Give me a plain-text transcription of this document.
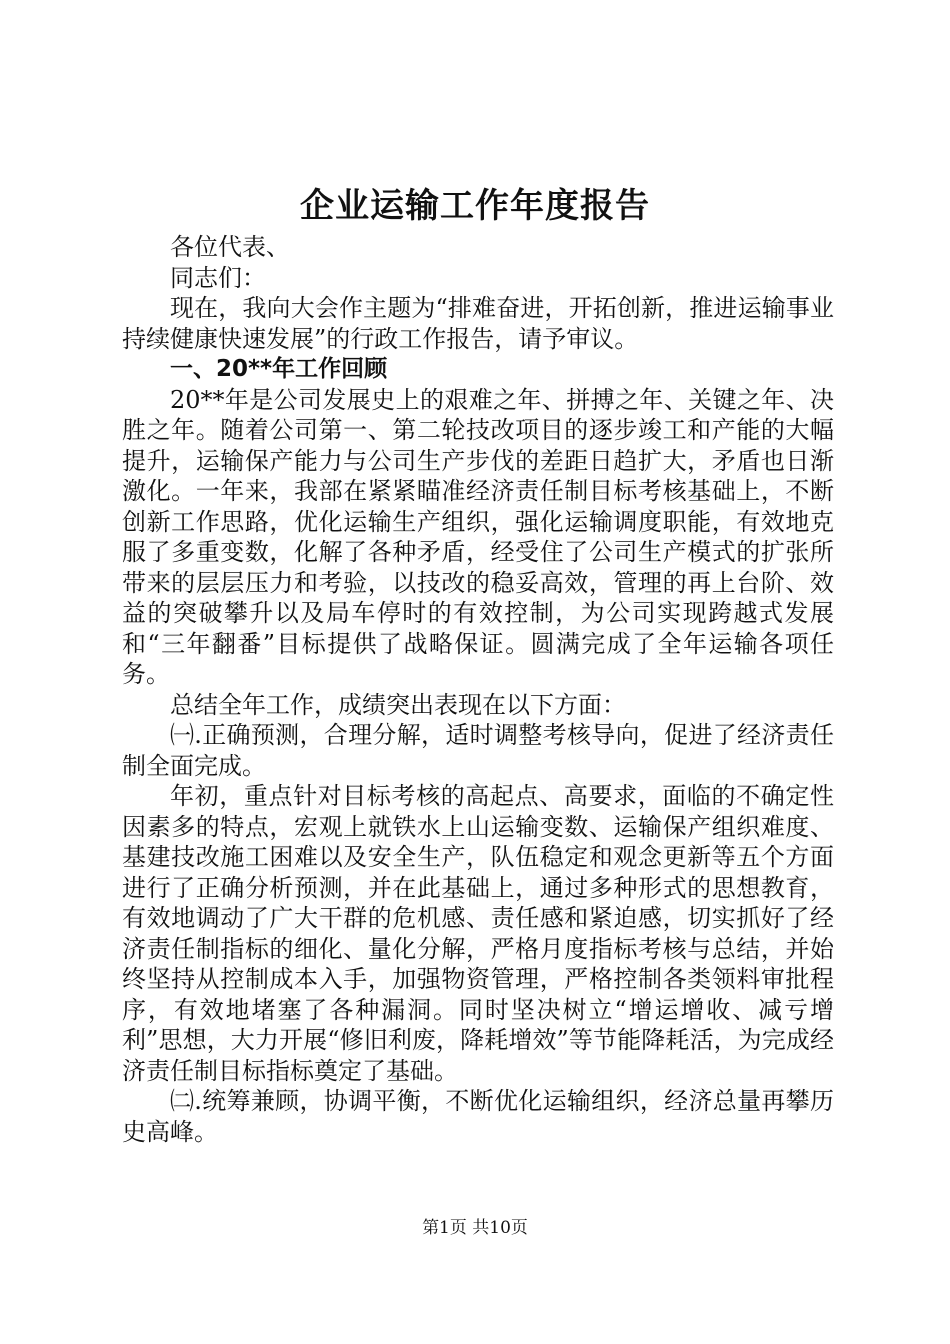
企业运输工作年度报告

各位代表、

同志们：

现在，我向大会作主题为“排难奋进，开拓创新，推进运输事业持续健康快速发展”的行政工作报告，请予审议。

一、20**年工作回顾

20**年是公司发展史上的艰难之年、拼搏之年、关键之年、决胜之年。随着公司第一、第二轮技改项目的逐步竣工和产能的大幅提升，运输保产能力与公司生产步伐的差距日趋扩大，矛盾也日渐激化。一年来，我部在紧紧瞄准经济责任制目标考核基础上，不断创新工作思路，优化运输生产组织，强化运输调度职能，有效地克服了多重变数，化解了各种矛盾，经受住了公司生产模式的扩张所带来的层层压力和考验，以技改的稳妥高效，管理的再上台阶、效益的突破攀升以及局车停时的有效控制，为公司实现跨越式发展和“三年翻番”目标提供了战略保证。圆满完成了全年运输各项任务。

总结全年工作，成绩突出表现在以下方面：

㈠.正确预测，合理分解，适时调整考核导向，促进了经济责任制全面完成。

年初，重点针对目标考核的高起点、高要求，面临的不确定性因素多的特点，宏观上就铁水上山运输变数、运输保产组织难度、基建技改施工困难以及安全生产，队伍稳定和观念更新等五个方面进行了正确分析预测，并在此基础上，通过多种形式的思想教育，有效地调动了广大干群的危机感、责任感和紧迫感，切实抓好了经济责任制指标的细化、量化分解，严格月度指标考核与总结，并始终坚持从控制成本入手，加强物资管理，严格控制各类领料审批程序，有效地堵塞了各种漏洞。同时坚决树立“增运增收、减亏增利”思想，大力开展“修旧利废，降耗增效”等节能降耗活，为完成经济责任制目标指标奠定了基础。

㈡.统筹兼顾，协调平衡，不断优化运输组织，经济总量再攀历史高峰。

第1页 共10页
